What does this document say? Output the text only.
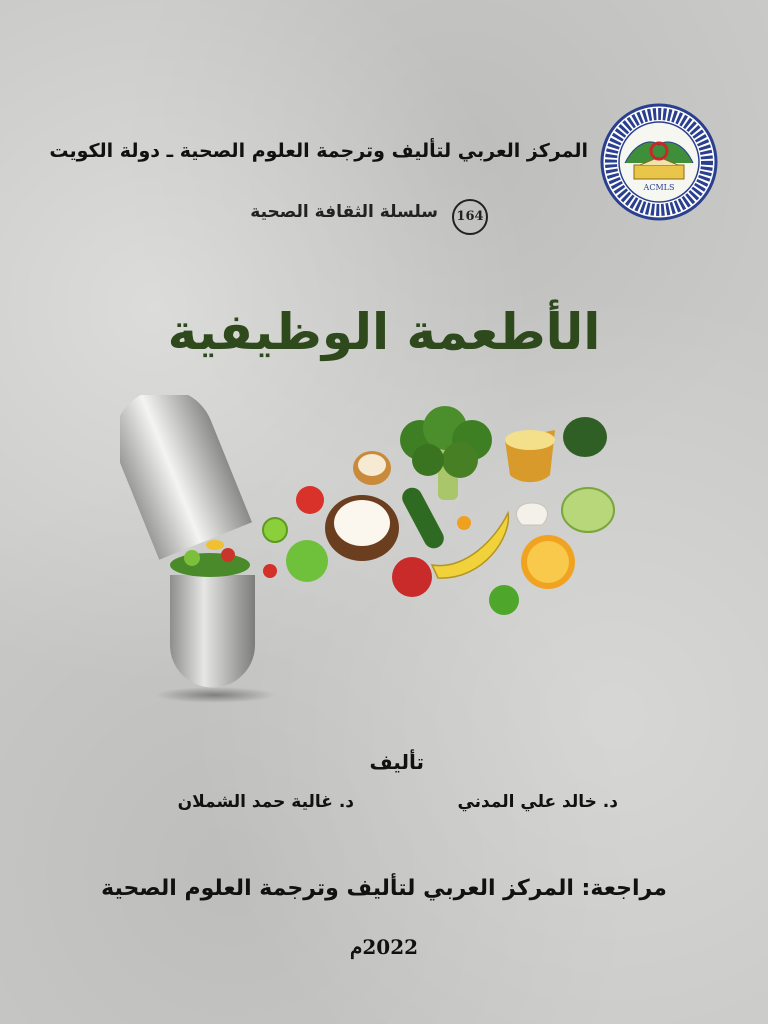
ACMLS
المركز العربي لتأليف وترجمة العلوم الصحية ـ دولة الكويت
164
سلسلة الثقافة الصحية
الأطعمة الوظيفية
تأليف
د. خالد علي المدني
د. غالية حمد الشملان
مراجعة: المركز العربي لتأليف وترجمة العلوم الصحية
2022م
